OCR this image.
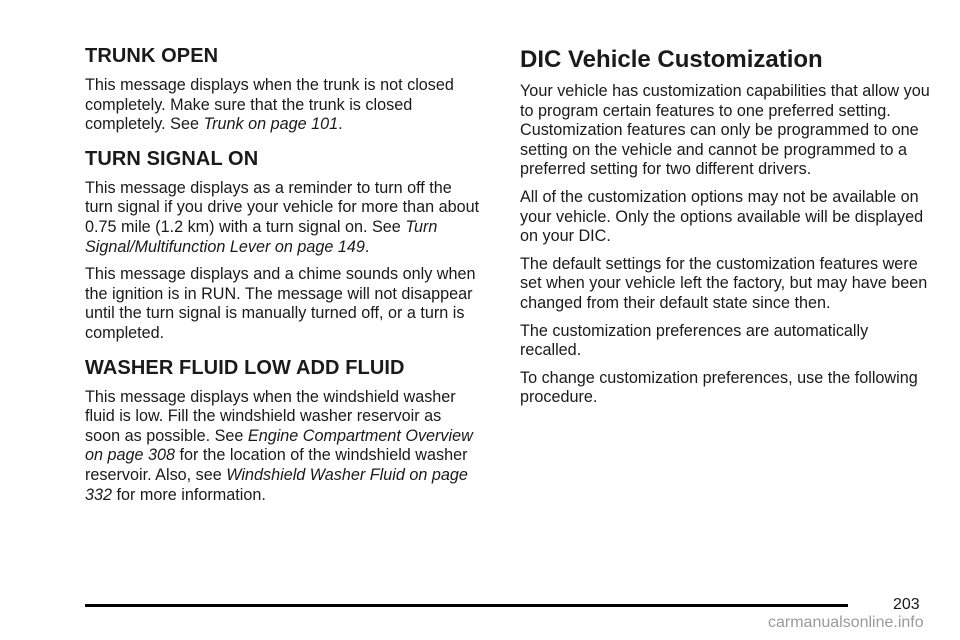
TRUNK OPEN

This message displays when the trunk is not closed completely. Make sure that the trunk is closed completely. See Trunk on page 101.

TURN SIGNAL ON

This message displays as a reminder to turn off the turn signal if you drive your vehicle for more than about 0.75 mile (1.2 km) with a turn signal on. See Turn Signal/Multifunction Lever on page 149.

This message displays and a chime sounds only when the ignition is in RUN. The message will not disappear until the turn signal is manually turned off, or a turn is completed.

WASHER FLUID LOW ADD FLUID

This message displays when the windshield washer fluid is low. Fill the windshield washer reservoir as soon as possible. See Engine Compartment Overview on page 308 for the location of the windshield washer reservoir. Also, see Windshield Washer Fluid on page 332 for more information.

DIC Vehicle Customization

Your vehicle has customization capabilities that allow you to program certain features to one preferred setting. Customization features can only be programmed to one setting on the vehicle and cannot be programmed to a preferred setting for two different drivers.

All of the customization options may not be available on your vehicle. Only the options available will be displayed on your DIC.

The default settings for the customization features were set when your vehicle left the factory, but may have been changed from their default state since then.

The customization preferences are automatically recalled.

To change customization preferences, use the following procedure.

203
carmanualsonline.info
